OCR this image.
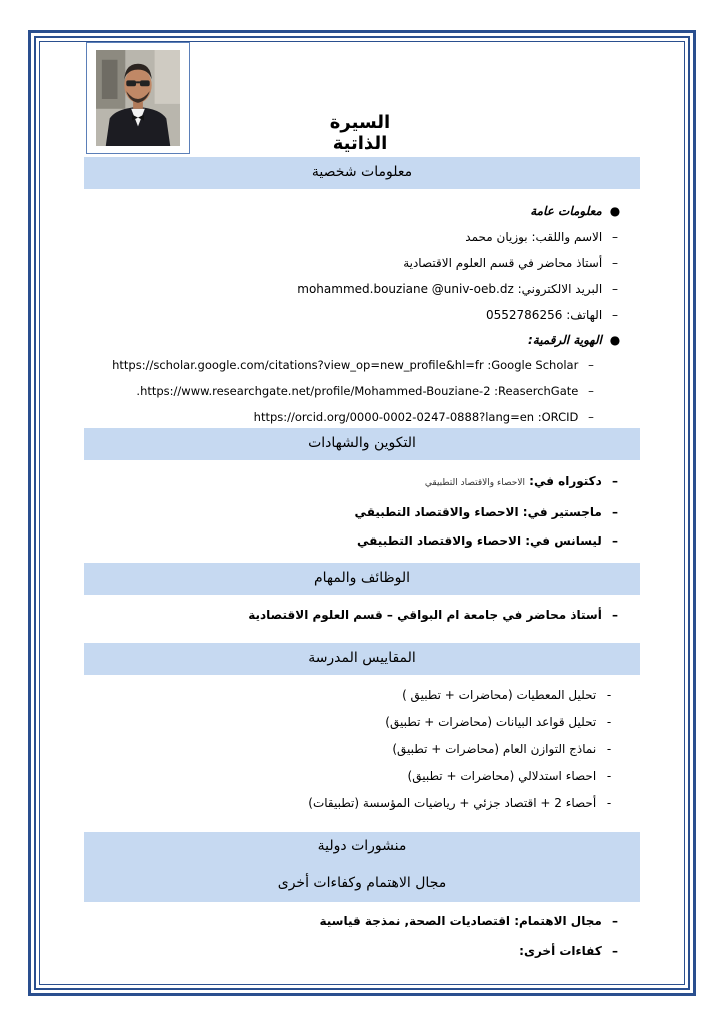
السيرة الذاتية
معلومات شخصية
التكوين والشهادات
الوظائف والمهام
المقاييس المدرسة
منشورات دولية
مجال الاهتمام وكفاءات أخرى
● معلومات عامة
– الاسم واللقب: بوزيان محمد
– أستاذ محاضر في قسم العلوم الاقتصادية
– البريد الالكتروني: mohammed.bouziane @univ-oeb.dz
– الهاتف: 0552786256
● الهوية الرقمية:
– https://scholar.google.com/citations?view_op=new_profile&hl=fr :Google Scholar
– https://www.researchgate.net/profile/Mohammed-Bouziane-2 :ReaserchGate.
– https://orcid.org/0000-0002-0247-0888?lang=en :ORCID
– دكتوراه في: الاحصاء والاقتصاد التطبيقي
– ماجستير في: الاحصاء والاقتصاد التطبيقي
– ليسانس في: الاحصاء والاقتصاد التطبيقي
– أستاذ محاضر في جامعة ام البواقي – قسم العلوم الاقتصادية
- تحليل المعطيات (محاضرات + تطبيق )
- تحليل قواعد البيانات (محاضرات + تطبيق)
- نماذج التوازن العام (محاضرات + تطبيق)
- احصاء استدلالي (محاضرات + تطبيق)
- أحصاء 2 + اقتصاد جزئي + رياضيات المؤسسة (تطبيقات)
– مجال الاهتمام: اقتصاديات الصحة, نمذجة قياسية
– كفاءات أخرى:
